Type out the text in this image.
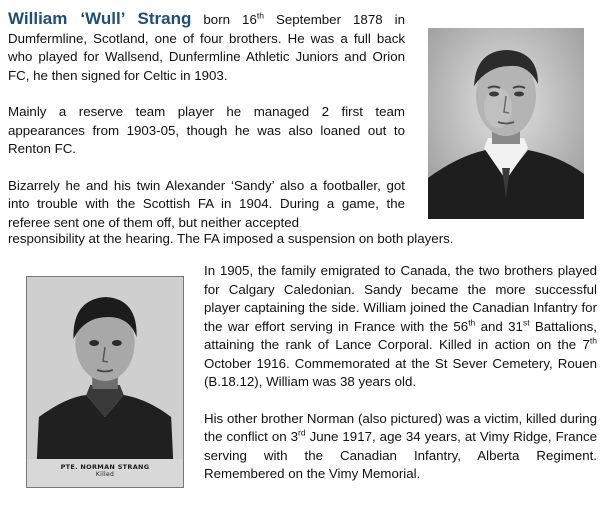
William ‘Wull’ Strang born 16th September 1878 in Dumfermline, Scotland, one of four brothers. He was a full back who played for Wallsend, Dunfermline Athletic Juniors and Orion FC, he then signed for Celtic in 1903.

Mainly a reserve team player he managed 2 first team appearances from 1903-05, though he was also loaned out to Renton FC.

Bizarrely he and his twin Alexander ‘Sandy’ also a footballer, got into trouble with the Scottish FA in 1904. During a game, the referee sent one of them off, but neither accepted

responsibility at the hearing. The FA imposed a suspension on both players.
PTE. NORMAN STRANG
Killed

In 1905, the family emigrated to Canada, the two brothers played for Calgary Caledonian. Sandy became the more successful player captaining the side. William joined the Canadian Infantry for the war effort serving in France with the 56th and 31st Battalions, attaining the rank of Lance Corporal. Killed in action on the 7th October 1916. Commemorated at the St Sever Cemetery, Rouen (B.18.12), William was 38 years old.

His other brother Norman (also pictured) was a victim, killed during the conflict on 3rd June 1917, age 34 years, at Vimy Ridge, France serving with the Canadian Infantry, Alberta Regiment. Remembered on the Vimy Memorial.
